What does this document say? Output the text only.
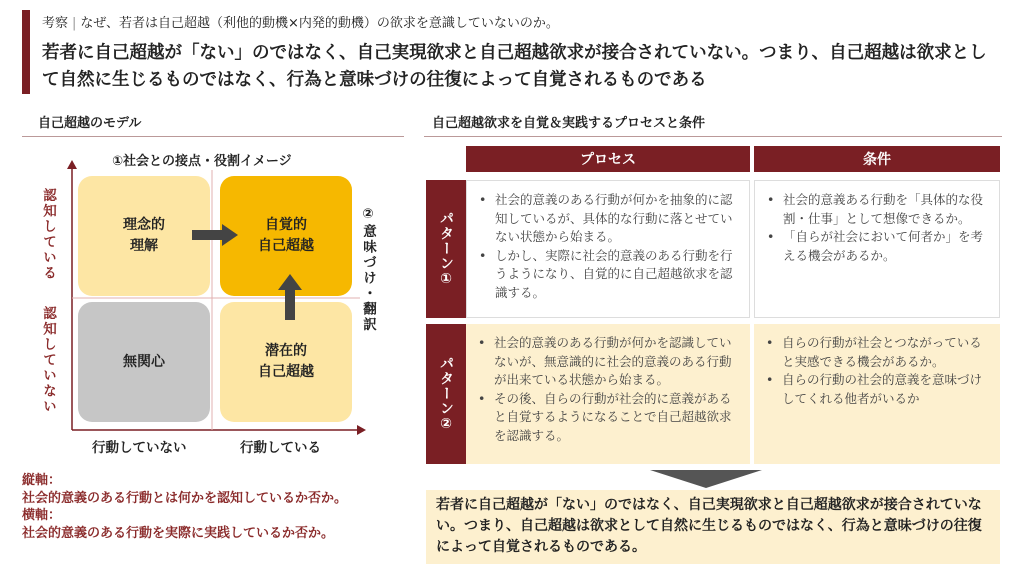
考察 | なぜ、若者は自己超越（利他的動機×内発的動機）の欲求を意識していないのか。
若者に自己超越が「ない」のではなく、自己実現欲求と自己超越欲求が接合されていない。つまり、自己超越は欲求として自然に生じるものではなく、行為と意味づけの往復によって自覚されるものである
自己超越のモデル
①社会との接点・役割イメージ
認知している
認知していない
②意味づけ・翻訳
理念的
理解
自覚的
自己超越
無関心
潜在的
自己超越
行動していない	行動している
縦軸：
社会的意義のある行動とは何かを認知しているか否か。
横軸：
社会的意義のある行動を実際に実践しているか否か。
自己超越欲求を自覚＆実践するプロセスと条件
プロセス	条件
パターン①
• 社会的意義のある行動が何かを抽象的に認知しているが、具体的な行動に落とせていない状態から始まる。
• しかし、実際に社会的意義のある行動を行うようになり、自覚的に自己超越欲求を認識する。
• 社会的意義ある行動を「具体的な役割・仕事」として想像できるか。
• 「自らが社会において何者か」を考える機会があるか。
パターン②
• 社会的意義のある行動が何かを認識していないが、無意識的に社会的意義のある行動が出来ている状態から始まる。
• その後、自らの行動が社会的に意義があると自覚するようになることで自己超越欲求を認識する。
• 自らの行動が社会とつながっていると実感できる機会があるか。
• 自らの行動の社会的意義を意味づけしてくれる他者がいるか
若者に自己超越が「ない」のではなく、自己実現欲求と自己超越欲求が接合されていない。つまり、自己超越は欲求として自然に生じるものではなく、行為と意味づけの往復によって自覚されるものである。
